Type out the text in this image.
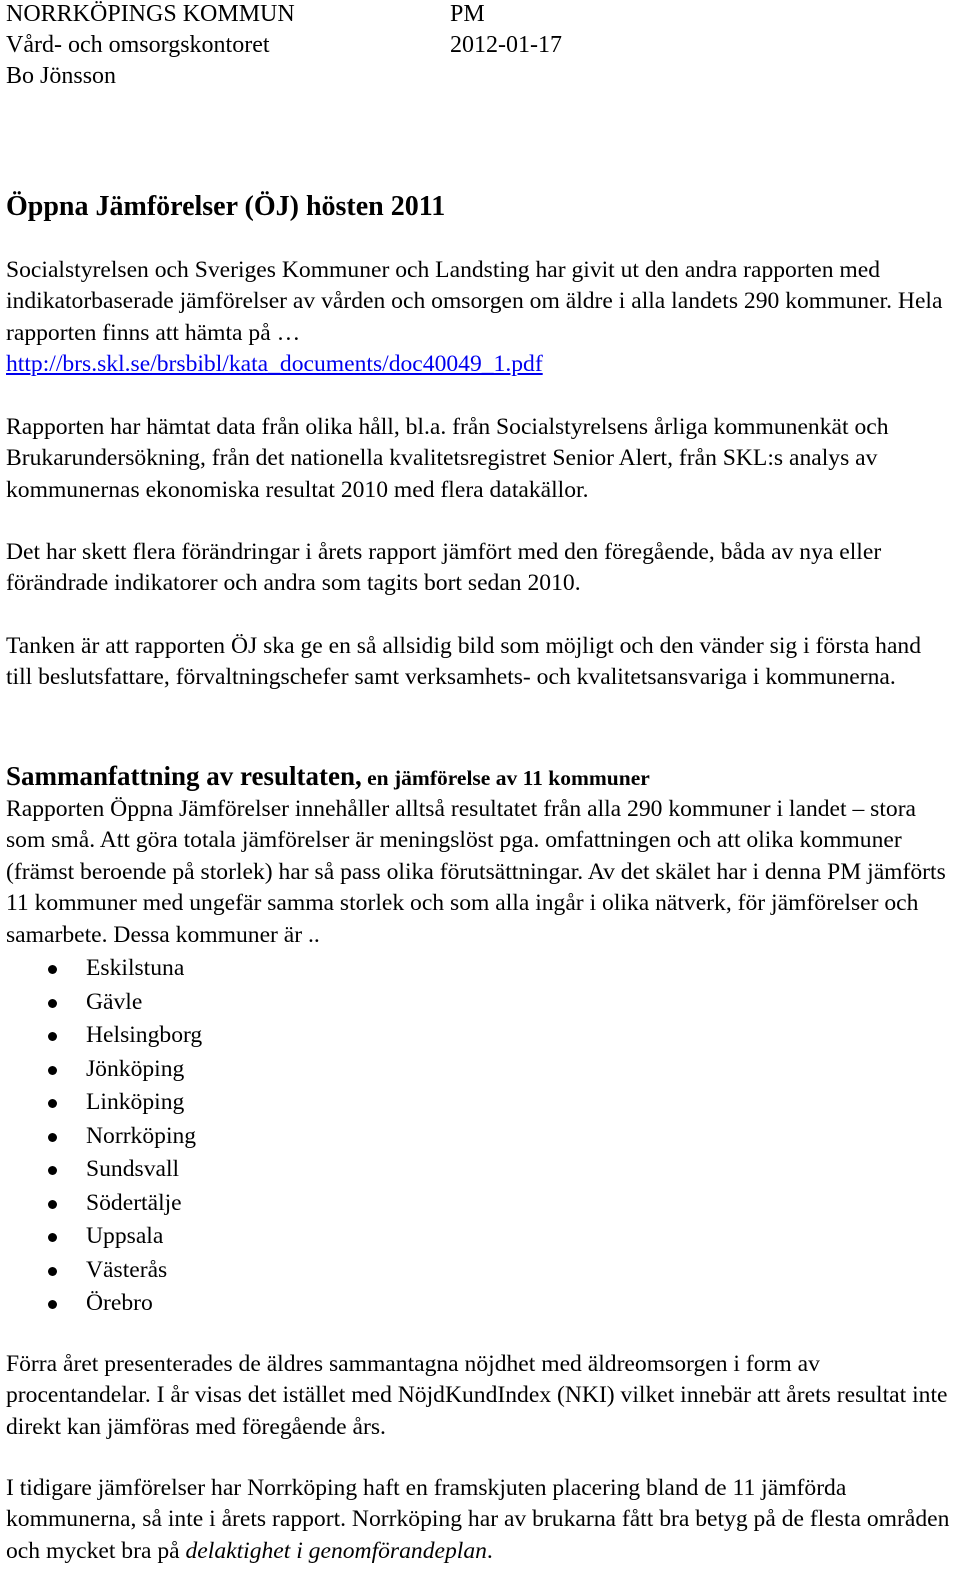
NORRKÖPINGS KOMMUN	PM
Vård- och omsorgskontoret	2012-01-17
Bo Jönsson
Öppna Jämförelser (ÖJ) hösten 2011

Socialstyrelsen och Sveriges Kommuner och Landsting har givit ut den andra rapporten med indikatorbaserade jämförelser av vården och omsorgen om äldre i alla landets 290 kommuner. Hela rapporten finns att hämta på …
http://brs.skl.se/brsbibl/kata_documents/doc40049_1.pdf

Rapporten har hämtat data från olika håll, bl.a. från Socialstyrelsens årliga kommunenkät och Brukarundersökning, från det nationella kvalitetsregistret Senior Alert, från SKL:s analys av kommunernas ekonomiska resultat 2010 med flera datakällor.

Det har skett flera förändringar i årets rapport jämfört med den föregående, båda av nya eller förändrade indikatorer och andra som tagits bort sedan 2010.

Tanken är att rapporten ÖJ ska ge en så allsidig bild som möjligt och den vänder sig i första hand till beslutsfattare, förvaltningschefer samt verksamhets- och kvalitetsansvariga i kommunerna.

Sammanfattning av resultaten, en jämförelse av 11 kommuner

Rapporten Öppna Jämförelser innehåller alltså resultatet från alla 290 kommuner i landet – stora som små. Att göra totala jämförelser är meningslöst pga. omfattningen och att olika kommuner (främst beroende på storlek) har så pass olika förutsättningar. Av det skälet har i denna PM jämförts 11 kommuner med ungefär samma storlek och som alla ingår i olika nätverk, för jämförelser och samarbete. Dessa kommuner är ..

Eskilstuna
Gävle
Helsingborg
Jönköping
Linköping
Norrköping
Sundsvall
Södertälje
Uppsala
Västerås
Örebro

Förra året presenterades de äldres sammantagna nöjdhet med äldreomsorgen i form av procentandelar. I år visas det istället med NöjdKundIndex (NKI) vilket innebär att årets resultat inte direkt kan jämföras med föregående års.

I tidigare jämförelser har Norrköping haft en framskjuten placering bland de 11 jämförda kommunerna, så inte i årets rapport. Norrköping har av brukarna fått bra betyg på de flesta områden och mycket bra på delaktighet i genomförandeplan.
